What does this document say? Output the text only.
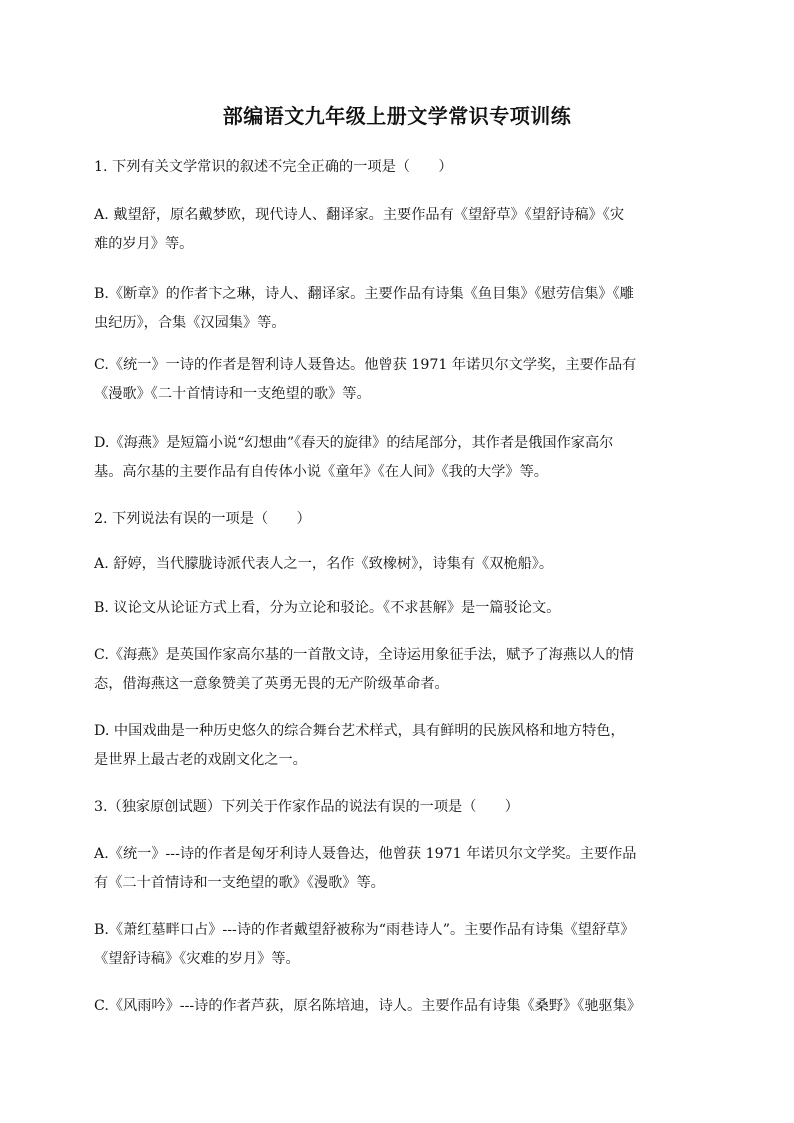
部编语文九年级上册文学常识专项训练

1. 下列有关文学常识的叙述不完全正确的一项是（　　）

A. 戴望舒，原名戴梦欧，现代诗人、翻译家。主要作品有《望舒草》《望舒诗稿》《灾
难的岁月》等。

B.《断章》的作者卞之琳，诗人、翻译家。主要作品有诗集《鱼目集》《慰劳信集》《雕
虫纪历》，合集《汉园集》等。

C.《统一》一诗的作者是智利诗人聂鲁达。他曾获 1971 年诺贝尔文学奖，主要作品有
《漫歌》《二十首情诗和一支绝望的歌》等。

D.《海燕》是短篇小说“幻想曲”《春天的旋律》的结尾部分，其作者是俄国作家高尔
基。高尔基的主要作品有自传体小说《童年》《在人间》《我的大学》等。

2. 下列说法有误的一项是（　　）

A. 舒婷，当代朦胧诗派代表人之一，名作《致橡树》，诗集有《双桅船》。

B. 议论文从论证方式上看，分为立论和驳论。《不求甚解》是一篇驳论文。

C.《海燕》是英国作家高尔基的一首散文诗，全诗运用象征手法，赋予了海燕以人的情
态，借海燕这一意象赞美了英勇无畏的无产阶级革命者。

D. 中国戏曲是一种历史悠久的综合舞台艺术样式，具有鲜明的民族风格和地方特色，
是世界上最古老的戏剧文化之一。

3.（独家原创试题）下列关于作家作品的说法有误的一项是（　　）

A.《统一》---诗的作者是匈牙利诗人聂鲁达，他曾获 1971 年诺贝尔文学奖。主要作品
有《二十首情诗和一支绝望的歌》《漫歌》等。

B.《萧红墓畔口占》---诗的作者戴望舒被称为“雨巷诗人”。主要作品有诗集《望舒草》
《望舒诗稿》《灾难的岁月》等。

C.《风雨吟》---诗的作者芦荻，原名陈培迪，诗人。主要作品有诗集《桑野》《驰驱集》
